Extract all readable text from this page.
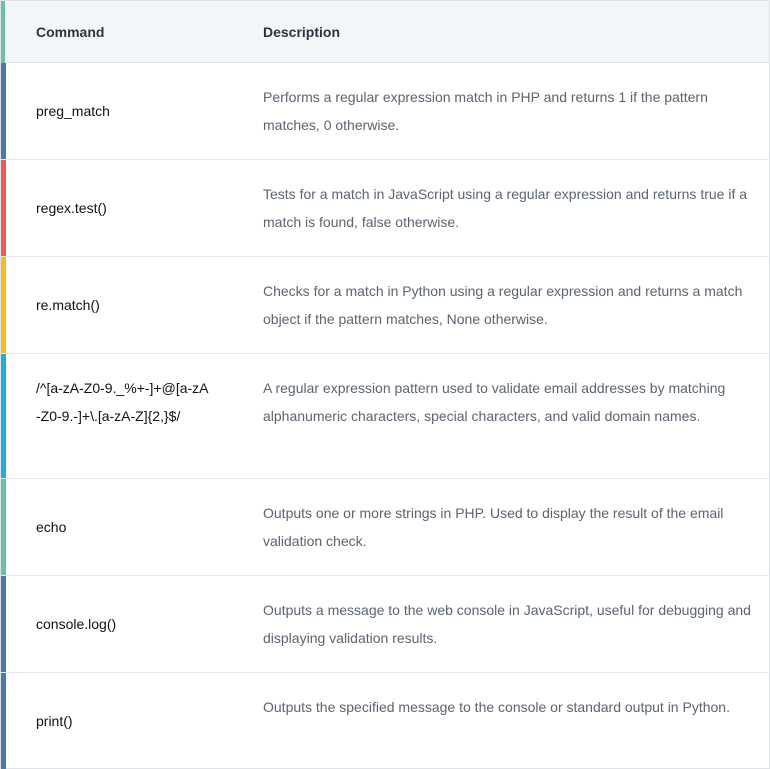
Command	Description
preg_match
Performs a regular expression match in PHP and returns 1 if the pattern matches, 0 otherwise.
regex.test()
Tests for a match in JavaScript using a regular expression and returns true if a match is found, false otherwise.
re.match()
Checks for a match in Python using a regular expression and returns a match object if the pattern matches, None otherwise.
/^[a-zA-Z0-9._%+-]+@[a-zA-Z0-9.-]+\.[a-zA-Z]{2,}$/
A regular expression pattern used to validate email addresses by matching alphanumeric characters, special characters, and valid domain names.
echo
Outputs one or more strings in PHP. Used to display the result of the email validation check.
console.log()
Outputs a message to the web console in JavaScript, useful for debugging and displaying validation results.
print()
Outputs the specified message to the console or standard output in Python.
